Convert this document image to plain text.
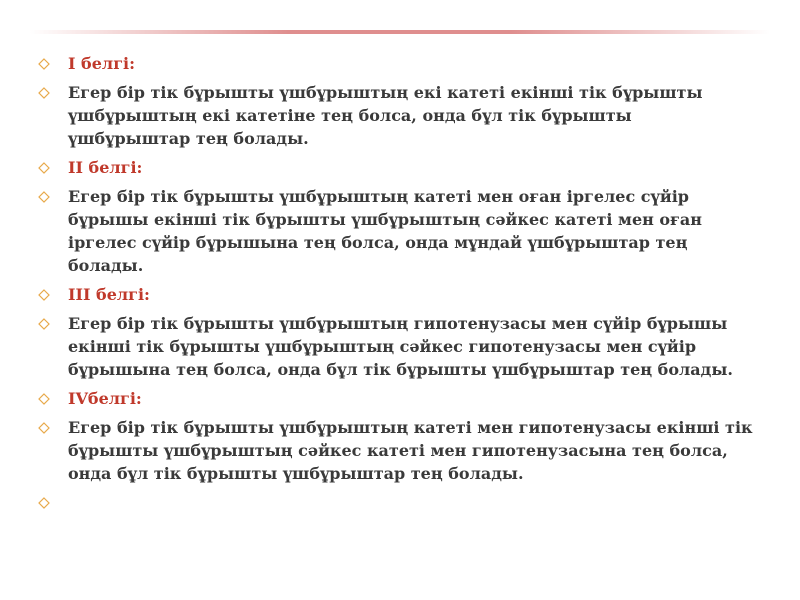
I белгі:
Егер бір тік бұрышты үшбұрыштың екі катеті екінші тік бұрышты үшбұрыштың екі катетіне тең болса, онда бұл тік бұрышты үшбұрыштар тең болады.
II белгі:
Егер бір тік бұрышты үшбұрыштың катеті мен оған іргелес сүйір бұрышы екінші тік бұрышты үшбұрыштың сәйкес катеті мен оған іргелес сүйір бұрышына тең болса, онда мұндай үшбұрыштар тең болады.
III белгі:
Егер бір тік бұрышты үшбұрыштың гипотенузасы мен сүйір бұрышы екінші тік бұрышты үшбұрыштың сәйкес гипотенузасы мен сүйір бұрышына тең болса, онда бұл тік бұрышты үшбұрыштар тең болады.
IVбелгі:
Егер бір тік бұрышты үшбұрыштың катеті мен гипотенузасы екінші тік бұрышты үшбұрыштың сәйкес катеті мен гипотенузасына тең болса, онда бұл тік бұрышты үшбұрыштар тең болады.
